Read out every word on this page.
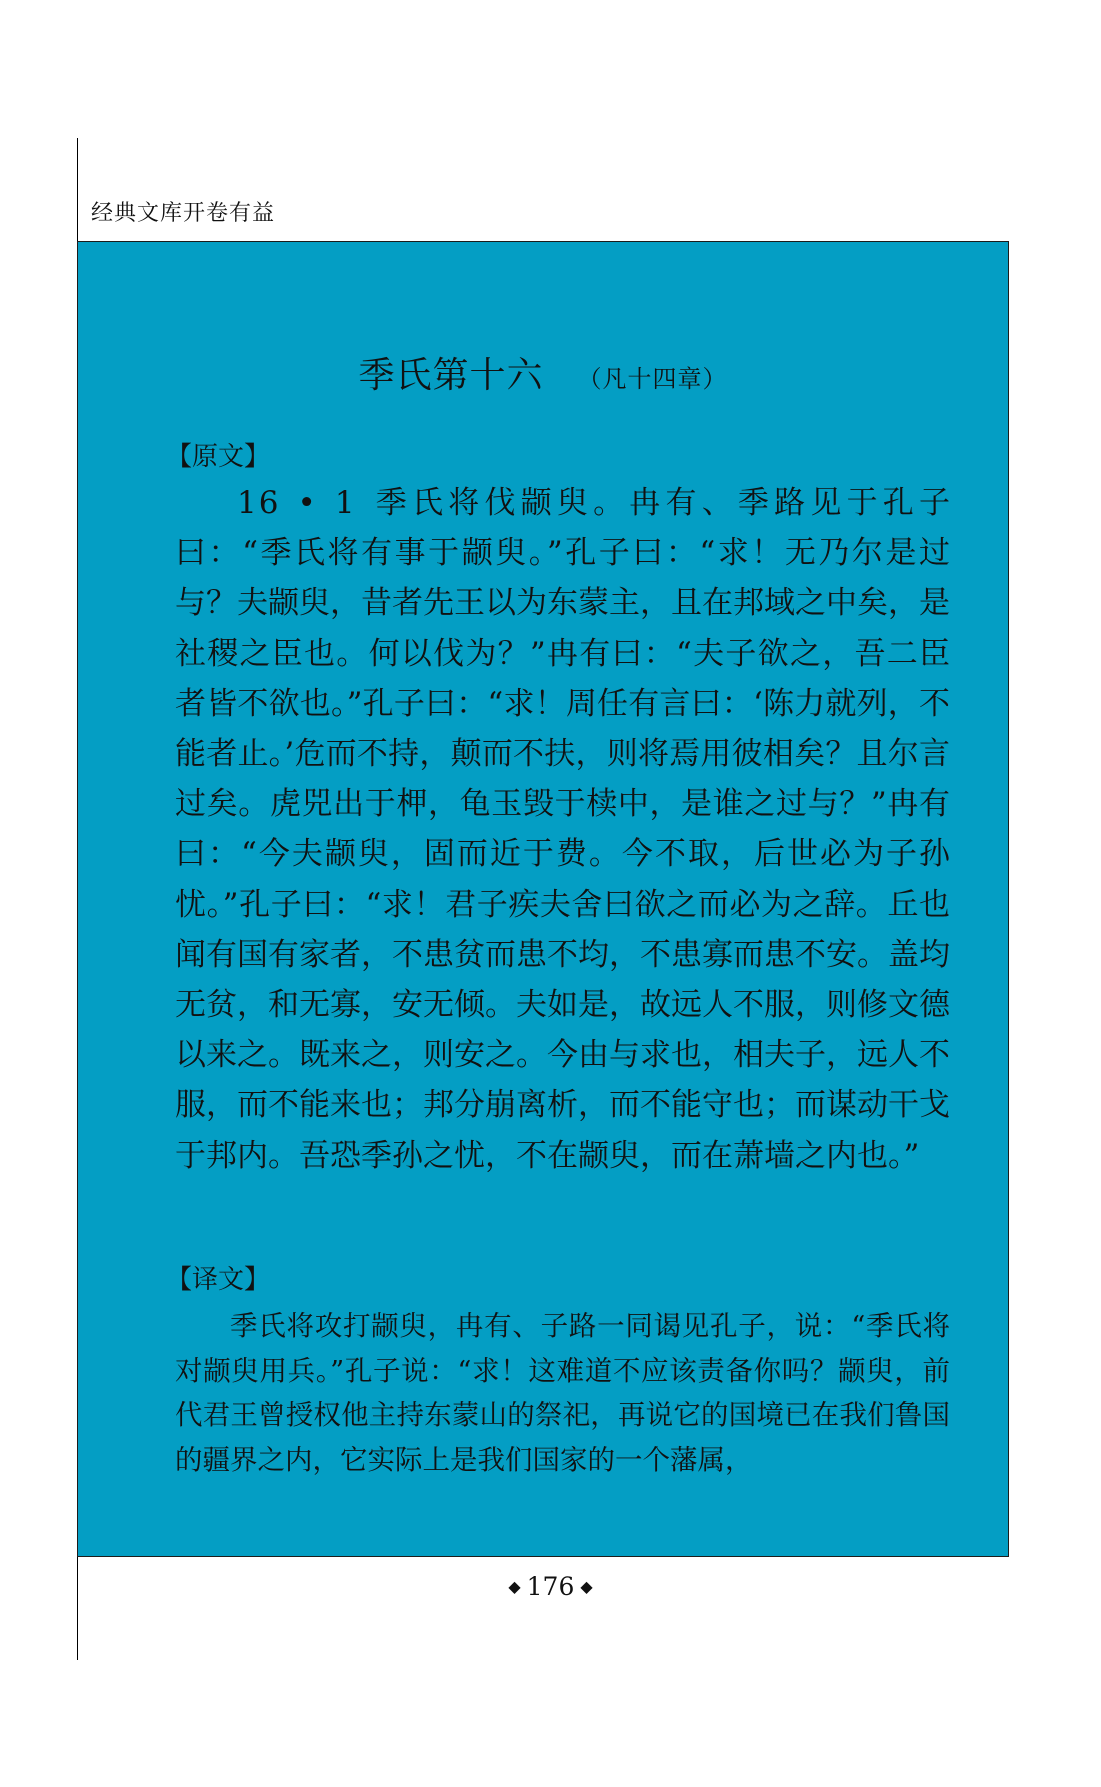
经典文库开卷有益
季氏第十六 （凡十四章）
【原文】

16 • 1 季氏将伐颛臾。冉有、季路见于孔子曰：“季氏将有事于颛臾。”孔子曰：“求！无乃尔是过与？夫颛臾，昔者先王以为东蒙主，且在邦域之中矣，是社稷之臣也。何以伐为？”冉有曰：“夫子欲之，吾二臣者皆不欲也。”孔子曰：“求！周任有言曰：‘陈力就列，不能者止。’危而不持，颠而不扶，则将焉用彼相矣？且尔言过矣。虎兕出于柙，龟玉毁于椟中，是谁之过与？”冉有曰：“今夫颛臾，固而近于费。今不取，后世必为子孙忧。”孔子曰：“求！君子疾夫舍曰欲之而必为之辞。丘也闻有国有家者，不患贫而患不均，不患寡而患不安。盖均无贫，和无寡，安无倾。夫如是，故远人不服，则修文德以来之。既来之，则安之。今由与求也，相夫子，远人不服，而不能来也；邦分崩离析，而不能守也；而谋动干戈于邦内。吾恐季孙之忧，不在颛臾，而在萧墙之内也。”

【译文】

季氏将攻打颛臾，冉有、子路一同谒见孔子，说：“季氏将对颛臾用兵。”孔子说：“求！这难道不应该责备你吗？颛臾，前代君王曾授权他主持东蒙山的祭祀，再说它的国境已在我们鲁国的疆界之内，它实际上是我们国家的一个藩属，

◆ 176 ◆
